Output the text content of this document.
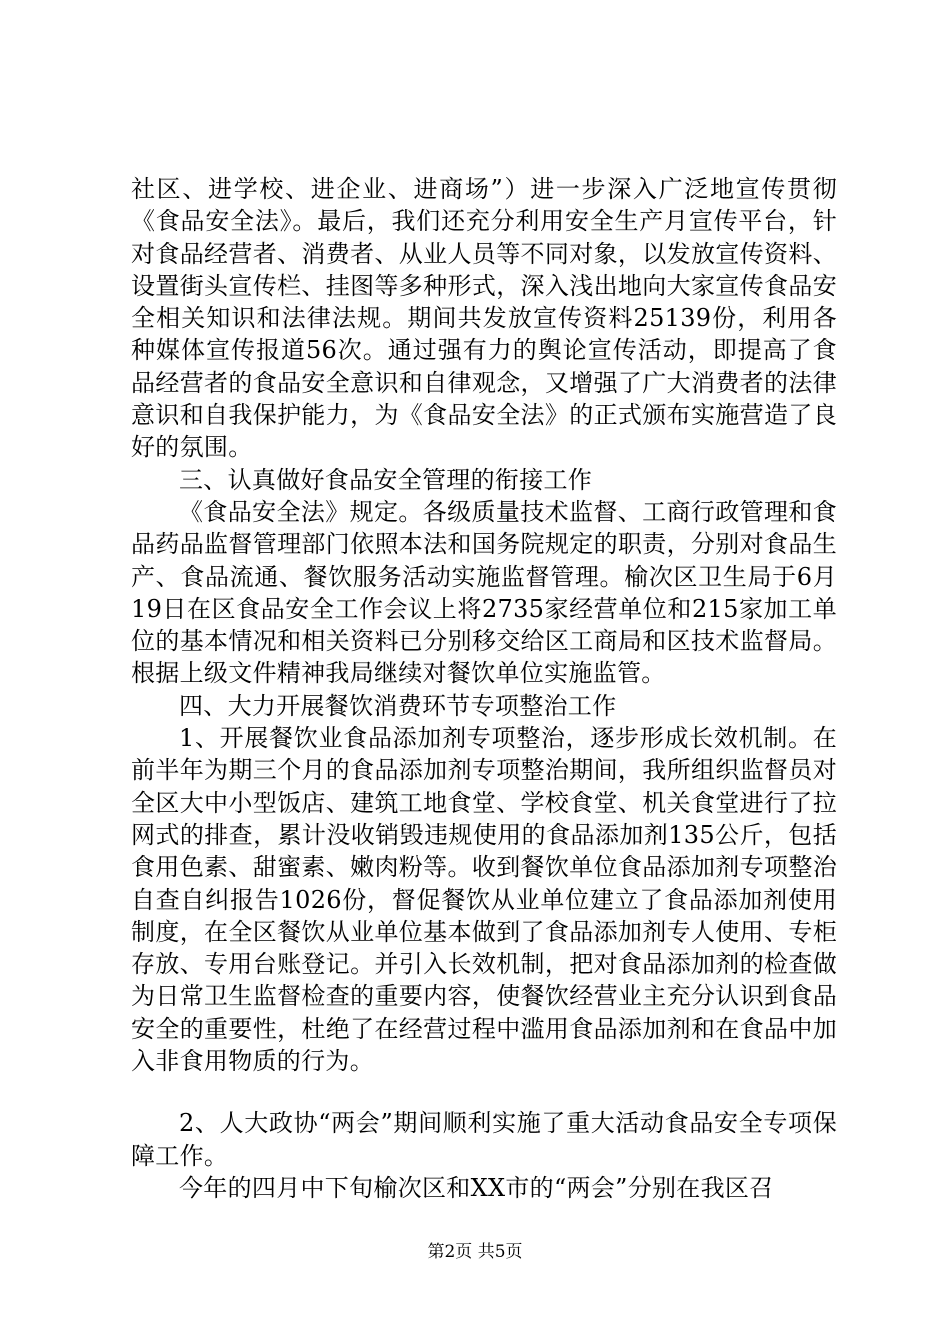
社区、进学校、进企业、进商场”）进一步深入广泛地宣传贯彻《食品安全法》。最后，我们还充分利用安全生产月宣传平台，针对食品经营者、消费者、从业人员等不同对象，以发放宣传资料、设置街头宣传栏、挂图等多种形式，深入浅出地向大家宣传食品安全相关知识和法律法规。期间共发放宣传资料25139份，利用各种媒体宣传报道56次。通过强有力的舆论宣传活动，即提高了食品经营者的食品安全意识和自律观念，又增强了广大消费者的法律意识和自我保护能力，为《食品安全法》的正式颁布实施营造了良好的氛围。

三、认真做好食品安全管理的衔接工作

《食品安全法》规定。各级质量技术监督、工商行政管理和食品药品监督管理部门依照本法和国务院规定的职责，分别对食品生产、食品流通、餐饮服务活动实施监督管理。榆次区卫生局于6月19日在区食品安全工作会议上将2735家经营单位和215家加工单位的基本情况和相关资料已分别移交给区工商局和区技术监督局。根据上级文件精神我局继续对餐饮单位实施监管。

四、大力开展餐饮消费环节专项整治工作

1、开展餐饮业食品添加剂专项整治，逐步形成长效机制。在前半年为期三个月的食品添加剂专项整治期间，我所组织监督员对全区大中小型饭店、建筑工地食堂、学校食堂、机关食堂进行了拉网式的排查，累计没收销毁违规使用的食品添加剂135公斤，包括食用色素、甜蜜素、嫩肉粉等。收到餐饮单位食品添加剂专项整治自查自纠报告1026份，督促餐饮从业单位建立了食品添加剂使用制度，在全区餐饮从业单位基本做到了食品添加剂专人使用、专柜存放、专用台账登记。并引入长效机制，把对食品添加剂的检查做为日常卫生监督检查的重要内容，使餐饮经营业主充分认识到食品安全的重要性，杜绝了在经营过程中滥用食品添加剂和在食品中加入非食用物质的行为。

2、人大政协“两会”期间顺利实施了重大活动食品安全专项保障工作。

今年的四月中下旬榆次区和XX市的“两会”分别在我区召

第2页 共5页
